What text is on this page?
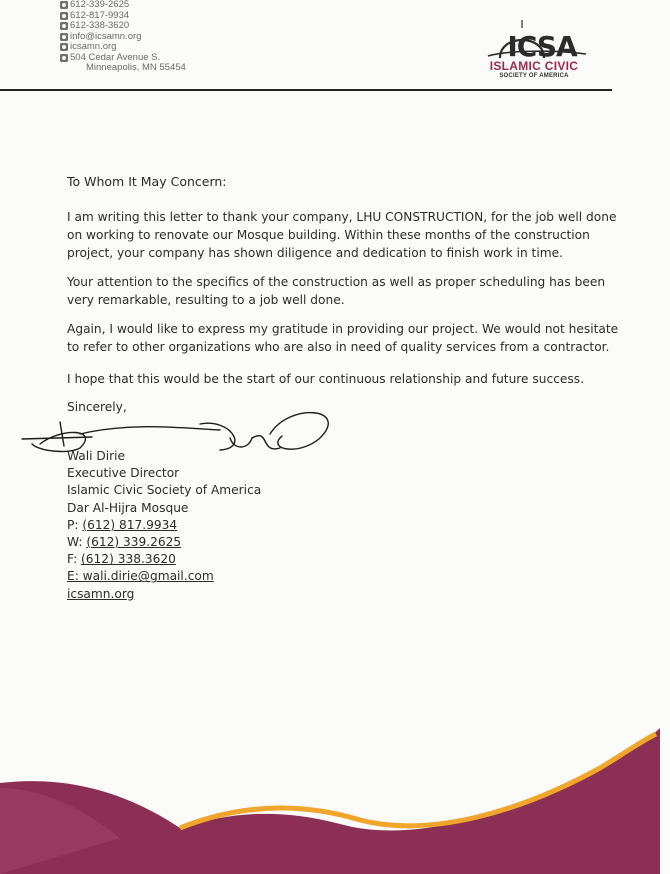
612-339-2625
612-817-9934
612-338-3620
info@icsamn.org
icsamn.org
504 Cedar Avenue S.
Minneapolis, MN 55454
ICSA
ISLAMIC CIVIC
SOCIETY OF AMERICA
To Whom It May Concern:
I am writing this letter to thank your company, LHU CONSTRUCTION, for the job well done on working to renovate our Mosque building. Within these months of the construction project, your company has shown diligence and dedication to finish work in time.
Your attention to the specifics of the construction as well as proper scheduling has been very remarkable, resulting to a job well done.
Again, I would like to express my gratitude in providing our project. We would not hesitate to refer to other organizations who are also in need of quality services from a contractor.
I hope that this would be the start of our continuous relationship and future success.
Sincerely,
Wali Dirie
Executive Director
Islamic Civic Society of America
Dar Al-Hijra Mosque
P: (612) 817.9934
W: (612) 339.2625
F: (612) 338.3620
E: wali.dirie@gmail.com
icsamn.org
